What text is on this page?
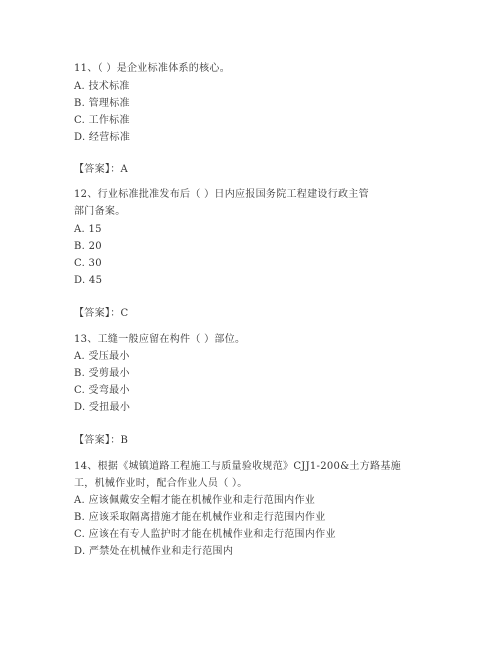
11、（ ）是企业标准体系的核心。
A. 技术标准
B. 管理标准
C. 工作标准
D. 经营标准
【答案】：A
12、行业标准批准发布后（ ）日内应报国务院工程建设行政主管
部门备案。
A. 15
B. 20
C. 30
D. 45
【答案】：C
13、工缝一般应留在构件（ ）部位。
A. 受压最小
B. 受剪最小
C. 受弯最小
D. 受扭最小
【答案】：B
14、根据《城镇道路工程施工与质量验收规范》CJJ1-200&土方路基施
工，机械作业时，配合作业人员（ ）。
A. 应该佩戴安全帽才能在机械作业和走行范围内作业
B. 应该采取隔离措施才能在机械作业和走行范围内作业
C. 应该在有专人监护时才能在机械作业和走行范围内作业
D. 严禁处在机械作业和走行范围内
